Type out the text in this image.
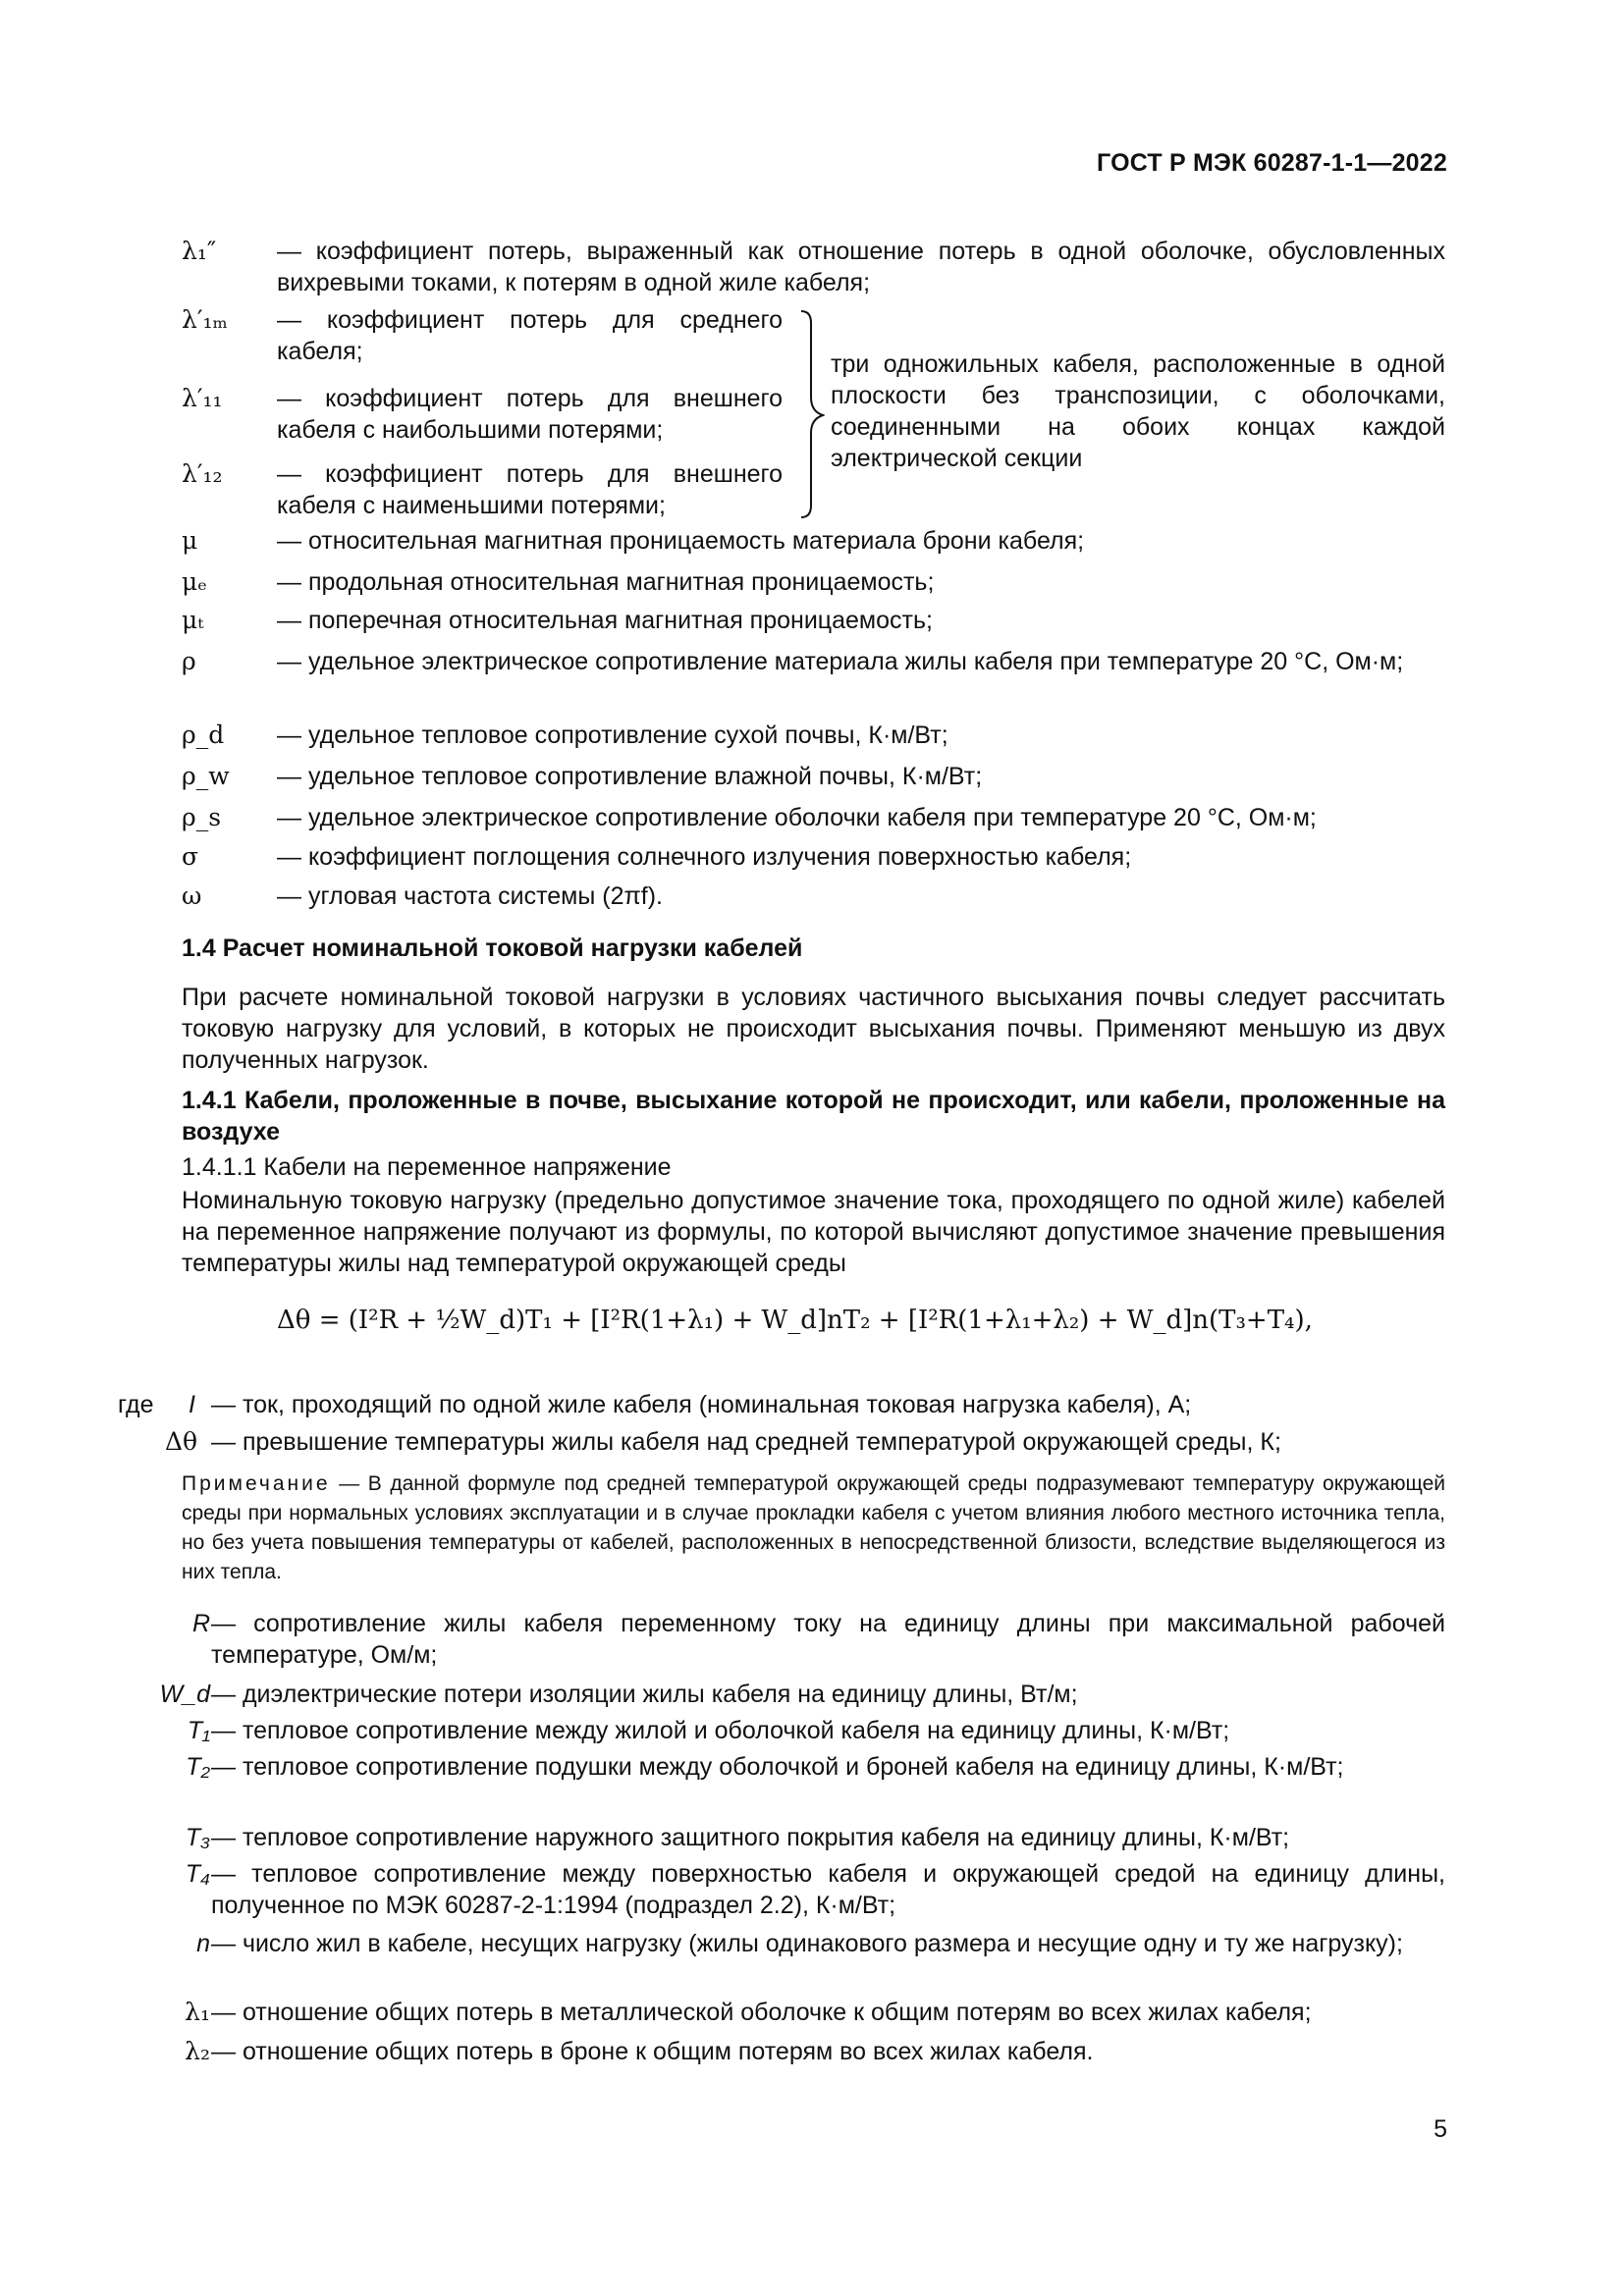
ГОСТ Р МЭК 60287-1-1—2022
λ₁″ — коэффициент потерь, выраженный как отношение потерь в одной оболочке, обусловленных вихревыми токами, к потерям в одной жиле кабеля;
λ′₁ₘ — коэффициент потерь для среднего кабеля;
λ′₁₁ — коэффициент потерь для внешнего кабеля с наибольшими потерями;
λ′₁₂ — коэффициент потерь для внешнего кабеля с наименьшими потерями;
три одножильных кабеля, расположенные в одной плоскости без транспозиции, с оболочками, соединенными на обоих концах каждой электрической секции
μ	— относительная магнитная проницаемость материала брони кабеля;
μₑ	— продольная относительная магнитная проницаемость;
μₜ	— поперечная относительная магнитная проницаемость;
ρ	— удельное электрическое сопротивление материала жилы кабеля при температуре 20 °С, Ом·м;
ρ_d — удельное тепловое сопротивление сухой почвы, К·м/Вт;
ρ_w — удельное тепловое сопротивление влажной почвы, К·м/Вт;
ρ_s — удельное электрическое сопротивление оболочки кабеля при температуре 20 °С, Ом·м;
σ	— коэффициент поглощения солнечного излучения поверхностью кабеля;
ω	— угловая частота системы (2πf).
1.4 Расчет номинальной токовой нагрузки кабелей
При расчете номинальной токовой нагрузки в условиях частичного высыхания почвы следует рассчитать токовую нагрузку для условий, в которых не происходит высыхания почвы. Применяют меньшую из двух полученных нагрузок.
1.4.1 Кабели, проложенные в почве, высыхание которой не происходит, или кабели, проложенные на воздухе
1.4.1.1 Кабели на переменное напряжение
Номинальную токовую нагрузку (предельно допустимое значение тока, проходящего по одной жиле) кабелей на переменное напряжение получают из формулы, по которой вычисляют допустимое значение превышения температуры жилы над температурой окружающей среды
Δθ = (I²R + ½W_d)T₁ + [I²R(1+λ₁) + W_d]nT₂ + [I²R(1+λ₁+λ₂) + W_d]n(T₃+T₄),
где I — ток, проходящий по одной жиле кабеля (номинальная токовая нагрузка кабеля), А;
Δθ — превышение температуры жилы кабеля над средней температурой окружающей среды, К;
Примечание — В данной формуле под средней температурой окружающей среды подразумевают температуру окружающей среды при нормальных условиях эксплуатации и в случае прокладки кабеля с учетом влияния любого местного источника тепла, но без учета повышения температуры от кабелей, расположенных в непосредственной близости, вследствие выделяющегося из них тепла.
R — сопротивление жилы кабеля переменному току на единицу длины при максимальной рабочей температуре, Ом/м;
W_d — диэлектрические потери изоляции жилы кабеля на единицу длины, Вт/м;
T₁ — тепловое сопротивление между жилой и оболочкой кабеля на единицу длины, К·м/Вт;
T₂ — тепловое сопротивление подушки между оболочкой и броней кабеля на единицу длины, К·м/Вт;
T₃ — тепловое сопротивление наружного защитного покрытия кабеля на единицу длины, К·м/Вт;
T₄ — тепловое сопротивление между поверхностью кабеля и окружающей средой на единицу длины, полученное по МЭК 60287-2-1:1994 (подраздел 2.2), К·м/Вт;
n — число жил в кабеле, несущих нагрузку (жилы одинакового размера и несущие одну и ту же нагрузку);
λ₁ — отношение общих потерь в металлической оболочке к общим потерям во всех жилах кабеля;
λ₂ — отношение общих потерь в броне к общим потерям во всех жилах кабеля.
5
